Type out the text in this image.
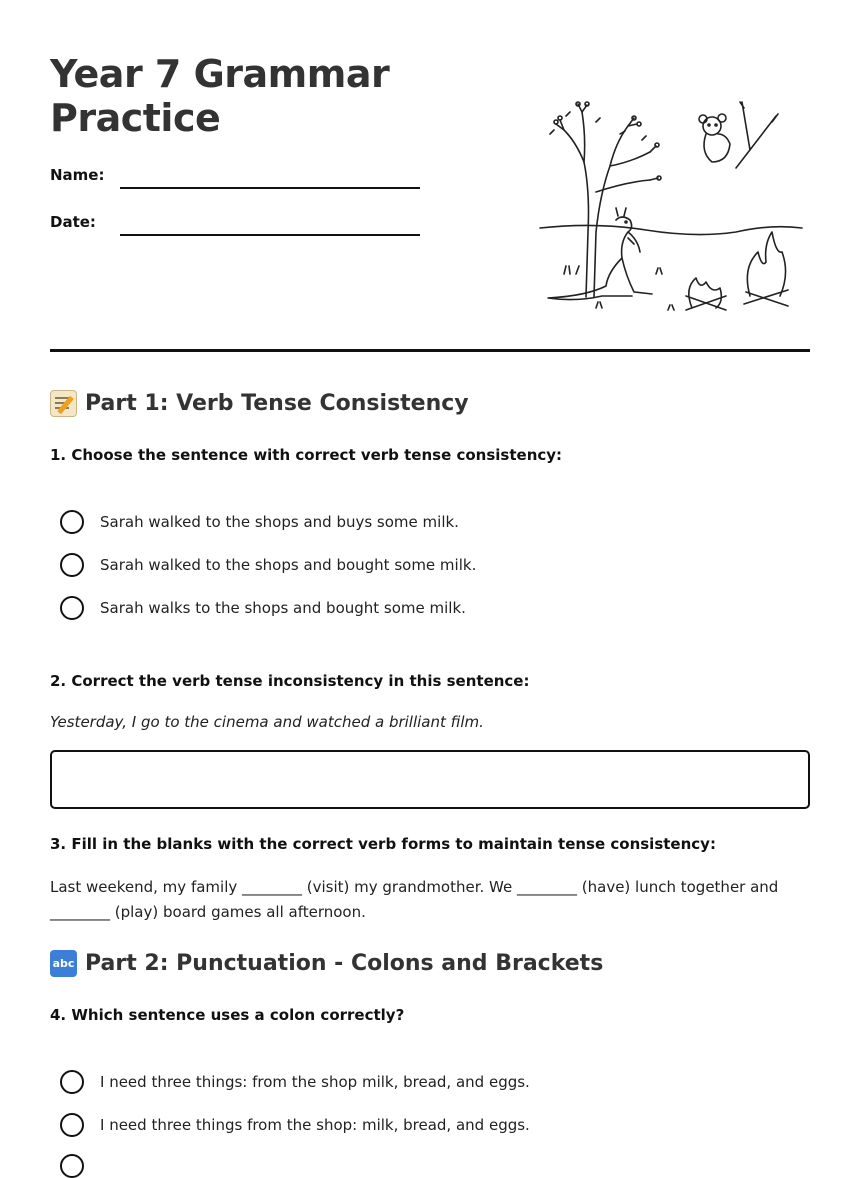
Year 7 Grammar Practice
Name:
Date:
Part 1: Verb Tense Consistency
1. Choose the sentence with correct verb tense consistency:
Sarah walked to the shops and buys some milk.
Sarah walked to the shops and bought some milk.
Sarah walks to the shops and bought some milk.
2. Correct the verb tense inconsistency in this sentence:
Yesterday, I go to the cinema and watched a brilliant film.
3. Fill in the blanks with the correct verb forms to maintain tense consistency:

Last weekend, my family ________ (visit) my grandmother. We ________ (have) lunch together and ________ (play) board games all afternoon.

abc Part 2: Punctuation - Colons and Brackets
4. Which sentence uses a colon correctly?
I need three things: from the shop milk, bread, and eggs.
I need three things from the shop: milk, bread, and eggs.
